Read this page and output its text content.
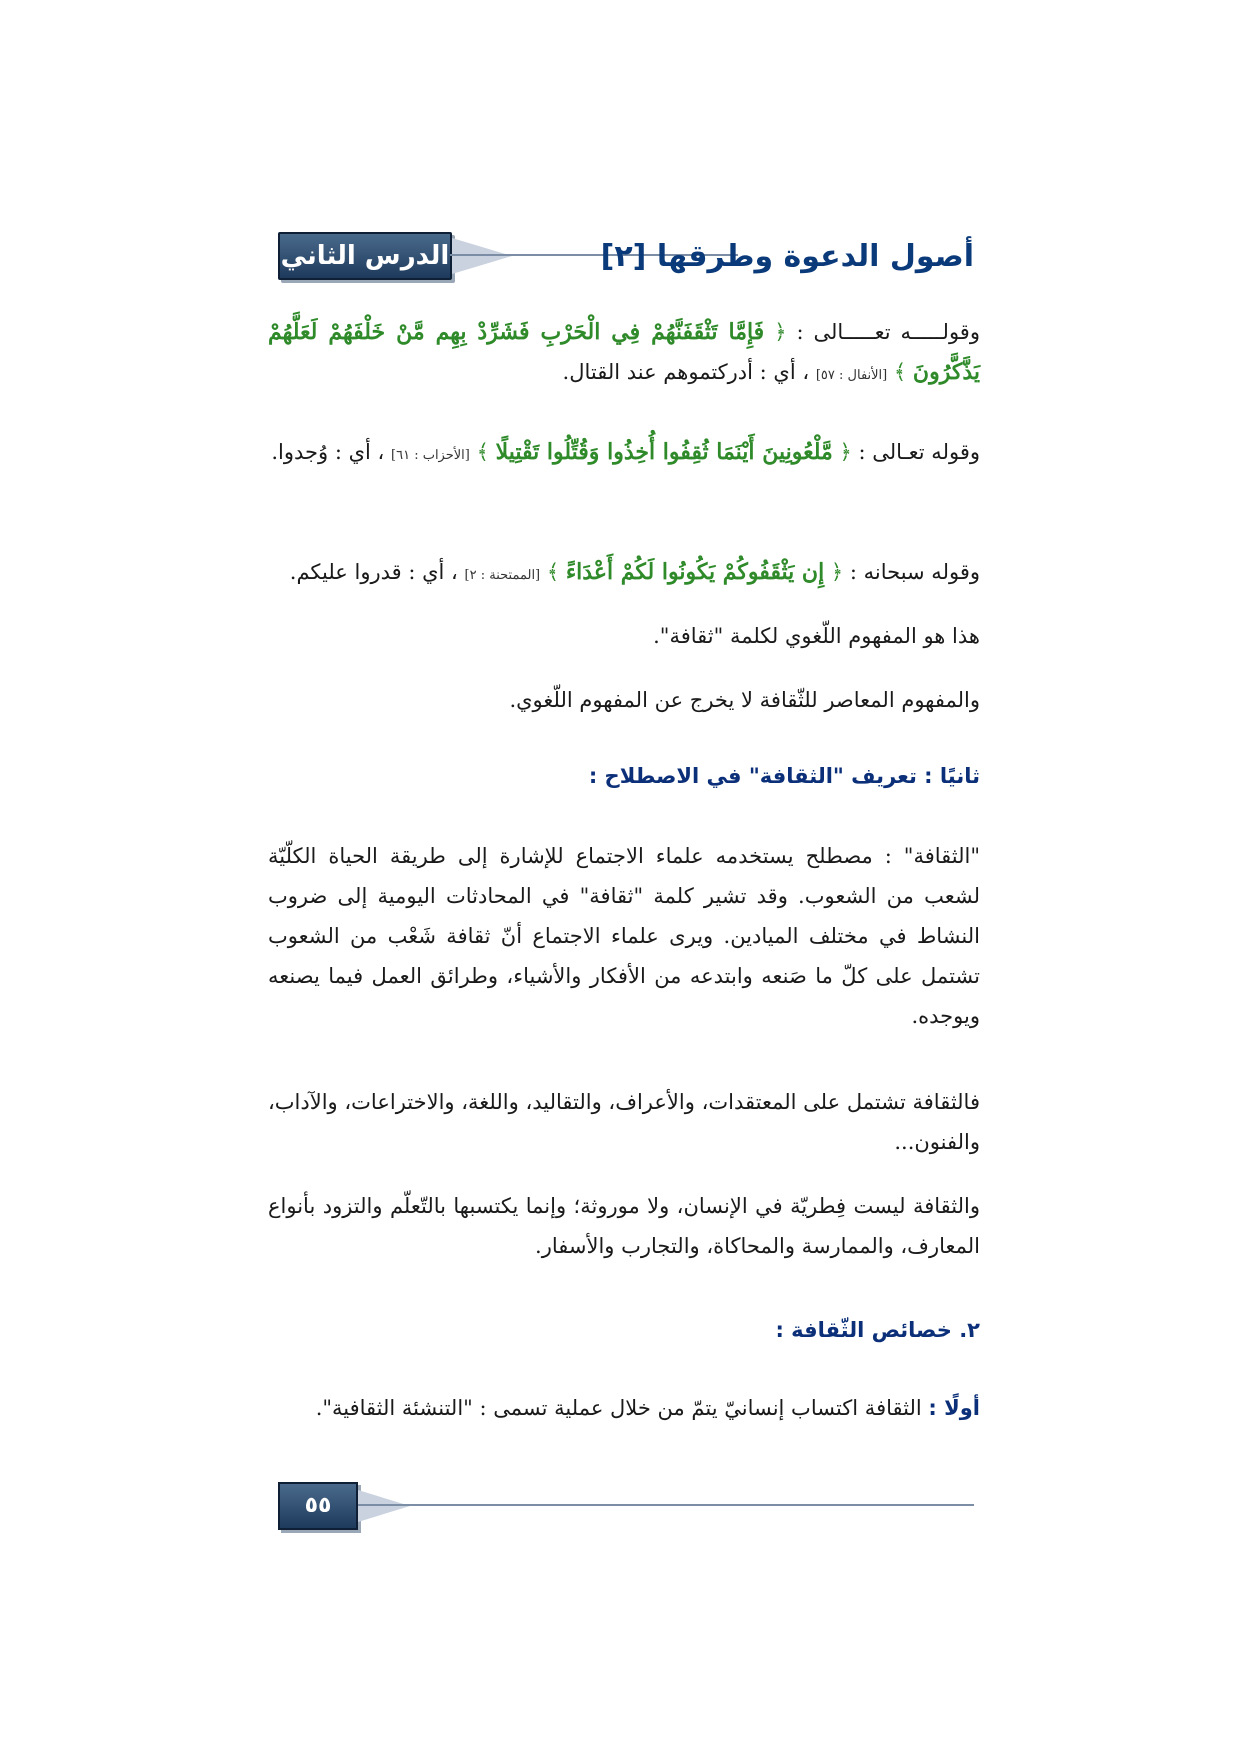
الدرس الثاني	أصول الدعوة وطرقها [٢]
وقولـــــه تعـــــالى : ﴿ فَإِمَّا تَثْقَفَنَّهُمْ فِي الْحَرْبِ فَشَرِّدْ بِهِم مَّنْ خَلْفَهُمْ لَعَلَّهُمْ يَذَّكَّرُونَ ﴾ [الأنفال : ٥٧] ، أي : أدركتموهم عند القتال.
وقوله تعـالى : ﴿ مَّلْعُونِينَ أَيْنَمَا ثُقِفُوا أُخِذُوا وَقُتِّلُوا تَقْتِيلًا ﴾ [الأحزاب : ٦١] ، أي : وُجدوا.
وقوله سبحانه : ﴿ إِن يَثْقَفُوكُمْ يَكُونُوا لَكُمْ أَعْدَاءً ﴾ [الممتحنة : ٢] ، أي : قدروا عليكم.
هذا هو المفهوم اللّغوي لكلمة "ثقافة".
والمفهوم المعاصر للثّقافة لا يخرج عن المفهوم اللّغوي.
ثانيًا : تعريف "الثقافة" في الاصطلاح :
"الثقافة" : مصطلح يستخدمه علماء الاجتماع للإشارة إلى طريقة الحياة الكلّيّة لشعب من الشعوب. وقد تشير كلمة "ثقافة" في المحادثات اليومية إلى ضروب النشاط في مختلف الميادين. ويرى علماء الاجتماع أنّ ثقافة شَعْب من الشعوب تشتمل على كلّ ما صَنعه وابتدعه من الأفكار والأشياء، وطرائق العمل فيما يصنعه ويوجده.
فالثقافة تشتمل على المعتقدات، والأعراف، والتقاليد، واللغة، والاختراعات، والآداب، والفنون...
والثقافة ليست فِطريّة في الإنسان، ولا موروثة؛ وإنما يكتسبها بالتّعلّم والتزود بأنواع المعارف، والممارسة والمحاكاة، والتجارب والأسفار.
٢. خصائص الثّقافة :
أولًا : الثقافة اكتساب إنسانيّ يتمّ من خلال عملية تسمى : "التنشئة الثقافية".
٥٥
